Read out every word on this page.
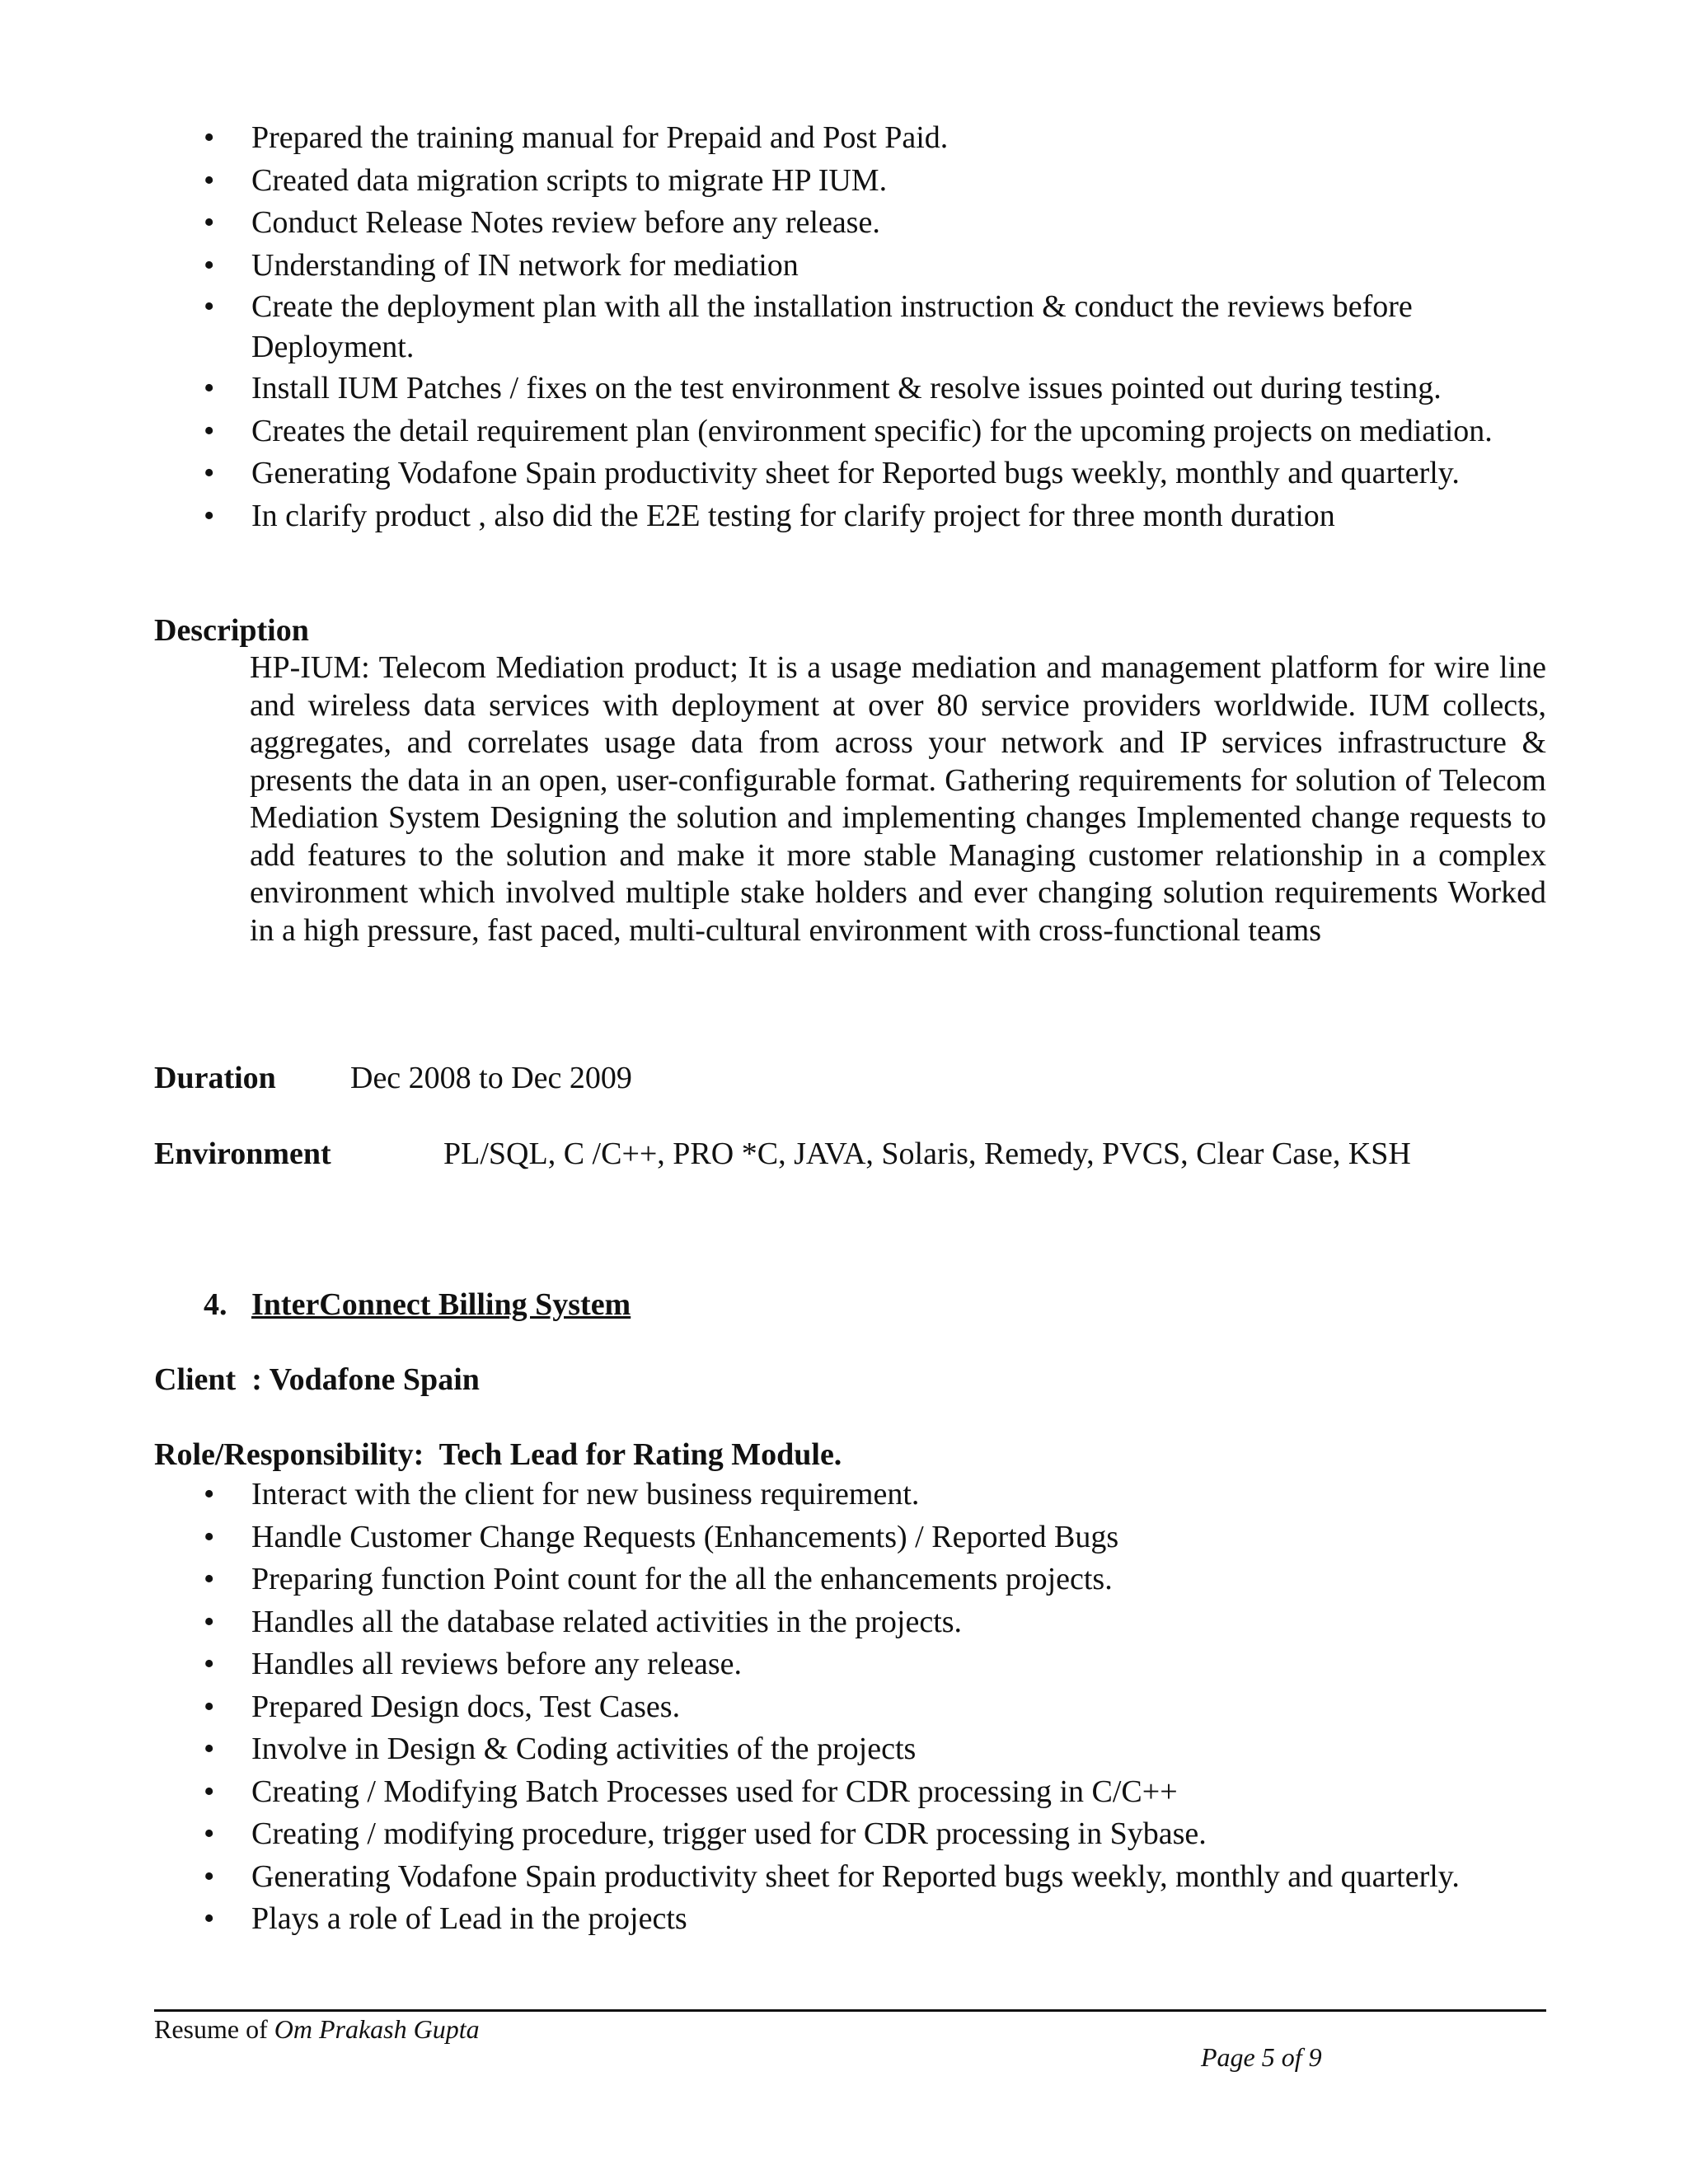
• Prepared the training manual for Prepaid and Post Paid.
• Created data migration scripts to migrate HP IUM.
• Conduct Release Notes review before any release.
• Understanding of IN network for mediation
• Create the deployment plan with all the installation instruction & conduct the reviews before Deployment.
• Install IUM Patches / fixes on the test environment & resolve issues pointed out during testing.
• Creates the detail requirement plan (environment specific) for the upcoming projects on mediation.
• Generating Vodafone Spain productivity sheet for Reported bugs weekly, monthly and quarterly.
• In clarify product , also did the E2E testing for clarify project for three month duration
Description
HP-IUM: Telecom Mediation product; It is a usage mediation and management platform for wire line and wireless data services with deployment at over 80 service providers worldwide. IUM collects, aggregates, and correlates usage data from across your network and IP services infrastructure & presents the data in an open, user-configurable format. Gathering requirements for solution of Telecom Mediation System Designing the solution and implementing changes Implemented change requests to add features to the solution and make it more stable Managing customer relationship in a complex environment which involved multiple stake holders and ever changing solution requirements Worked in a high pressure, fast paced, multi-cultural environment with cross-functional teams
Duration Dec 2008 to Dec 2009
Environment	PL/SQL, C /C++, PRO *C, JAVA, Solaris, Remedy, PVCS, Clear Case, KSH
4. InterConnect Billing System
Client  : Vodafone Spain
Role/Responsibility:  Tech Lead for Rating Module.
• Interact with the client for new business requirement.
• Handle Customer Change Requests (Enhancements) / Reported Bugs
• Preparing function Point count for the all the enhancements projects.
• Handles all the database related activities in the projects.
• Handles all reviews before any release.
• Prepared Design docs, Test Cases.
• Involve in Design & Coding activities of the projects
• Creating / Modifying Batch Processes used for CDR processing in C/C++
• Creating / modifying procedure, trigger used for CDR processing in Sybase.
• Generating Vodafone Spain productivity sheet for Reported bugs weekly, monthly and quarterly.
• Plays a role of Lead in the projects
Resume of Om Prakash Gupta
Page 5 of 9
